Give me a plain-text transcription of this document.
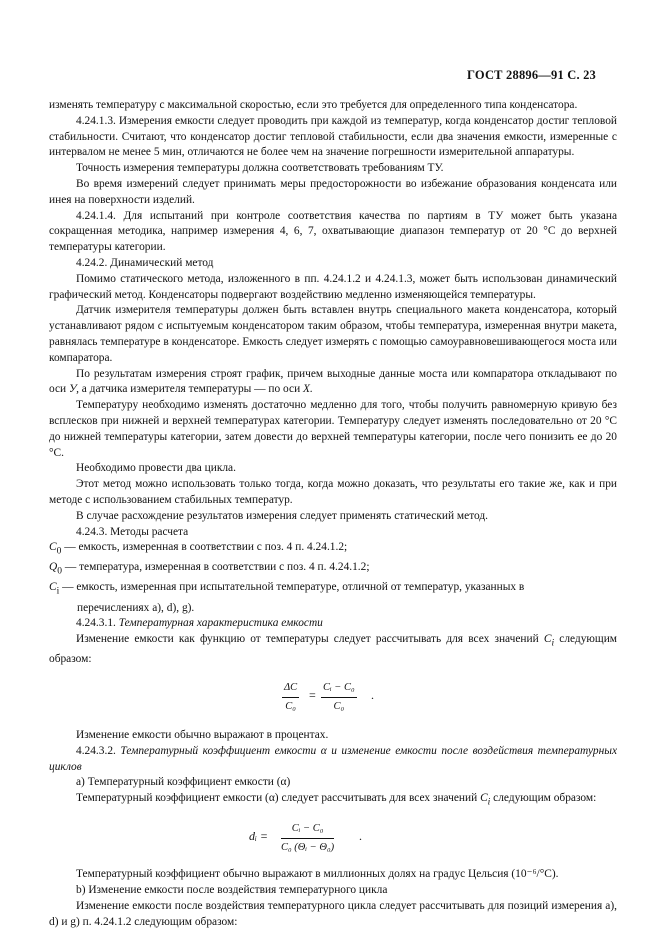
ГОСТ 28896—91 С. 23

изменять температуру с максимальной скоростью, если это требуется для определенного типа конденсатора.

4.24.1.3. Измерения емкости следует проводить при каждой из температур, когда конденсатор достиг тепловой стабильности. Считают, что конденсатор достиг тепловой стабильности, если два значения емкости, измеренные с интервалом не менее 5 мин, отличаются не более чем на значение погрешности измерительной аппаратуры.

Точность измерения температуры должна соответствовать требованиям ТУ.

Во время измерений следует принимать меры предосторожности во избежание образования конденсата или инея на поверхности изделий.

4.24.1.4. Для испытаний при контроле соответствия качества по партиям в ТУ может быть указана сокращенная методика, например измерения 4, 6, 7, охватывающие диапазон температур от 20 °С до верхней температуры категории.

4.24.2. Динамический метод

Помимо статического метода, изложенного в пп. 4.24.1.2 и 4.24.1.3, может быть использован динамический графический метод. Конденсаторы подвергают воздействию медленно изменяющейся температуры.

Датчик измерителя температуры должен быть вставлен внутрь специального макета конденсатора, который устанавливают рядом с испытуемым конденсатором таким образом, чтобы температура, измеренная внутри макета, равнялась температуре в конденсаторе. Емкость следует измерять с помощью самоуравновешивающегося моста или компаратора.

По результатам измерения строят график, причем выходные данные моста или компаратора откладывают по оси У, а датчика измерителя температуры — по оси X.

Температуру необходимо изменять достаточно медленно для того, чтобы получить равномерную кривую без всплесков при нижней и верхней температурах категории. Температуру следует изменять последовательно от 20 °С до нижней температуры категории, затем довести до верхней температуры категории, после чего понизить ее до 20 °С.

Необходимо провести два цикла.

Этот метод можно использовать только тогда, когда можно доказать, что результаты его такие же, как и при методе с использованием стабильных температур.

В случае расхождение результатов измерения следует применять статический метод.

4.24.3. Методы расчета

$C_0$ — емкость, измеренная в соответствии с поз. 4 п. 4.24.1.2;

$Q_0$ — температура, измеренная в соответствии с поз. 4 п. 4.24.1.2;

$C_i$ — емкость, измеренная при испытательной температуре, отличной от температур, указанных в
перечислениях а), d), g).

4.24.3.1. Температурная характеристика емкости

Изменение емкости как функцию от температуры следует рассчитывать для всех значений $C_i$ следующим образом:

$\frac{\Delta C}{\text{C₀}} = \frac{\text{Cᵢ − C₀}}{\text{C₀}}$ .

Изменение емкости обычно выражают в процентах.

4.24.3.2. Температурный коэффициент емкости α и изменение емкости после воздействия температурных циклов

а) Температурный коэффициент емкости (α)

Температурный коэффициент емкости (α) следует рассчитывать для всех значений $C_i$ следующим образом:

dᵢ = $\frac{\text{Cᵢ − C₀}}{\text{C₀ (Θᵢ − Θ₀)}}$ .

Температурный коэффициент обычно выражают в миллионных долях на градус Цельсия (10⁻⁶/°С).

b) Изменение емкости после воздействия температурного цикла

Изменение емкости после воздействия температурного цикла следует рассчитывать для позиций измерения а), d) и g) п. 4.24.1.2 следующим образом:
